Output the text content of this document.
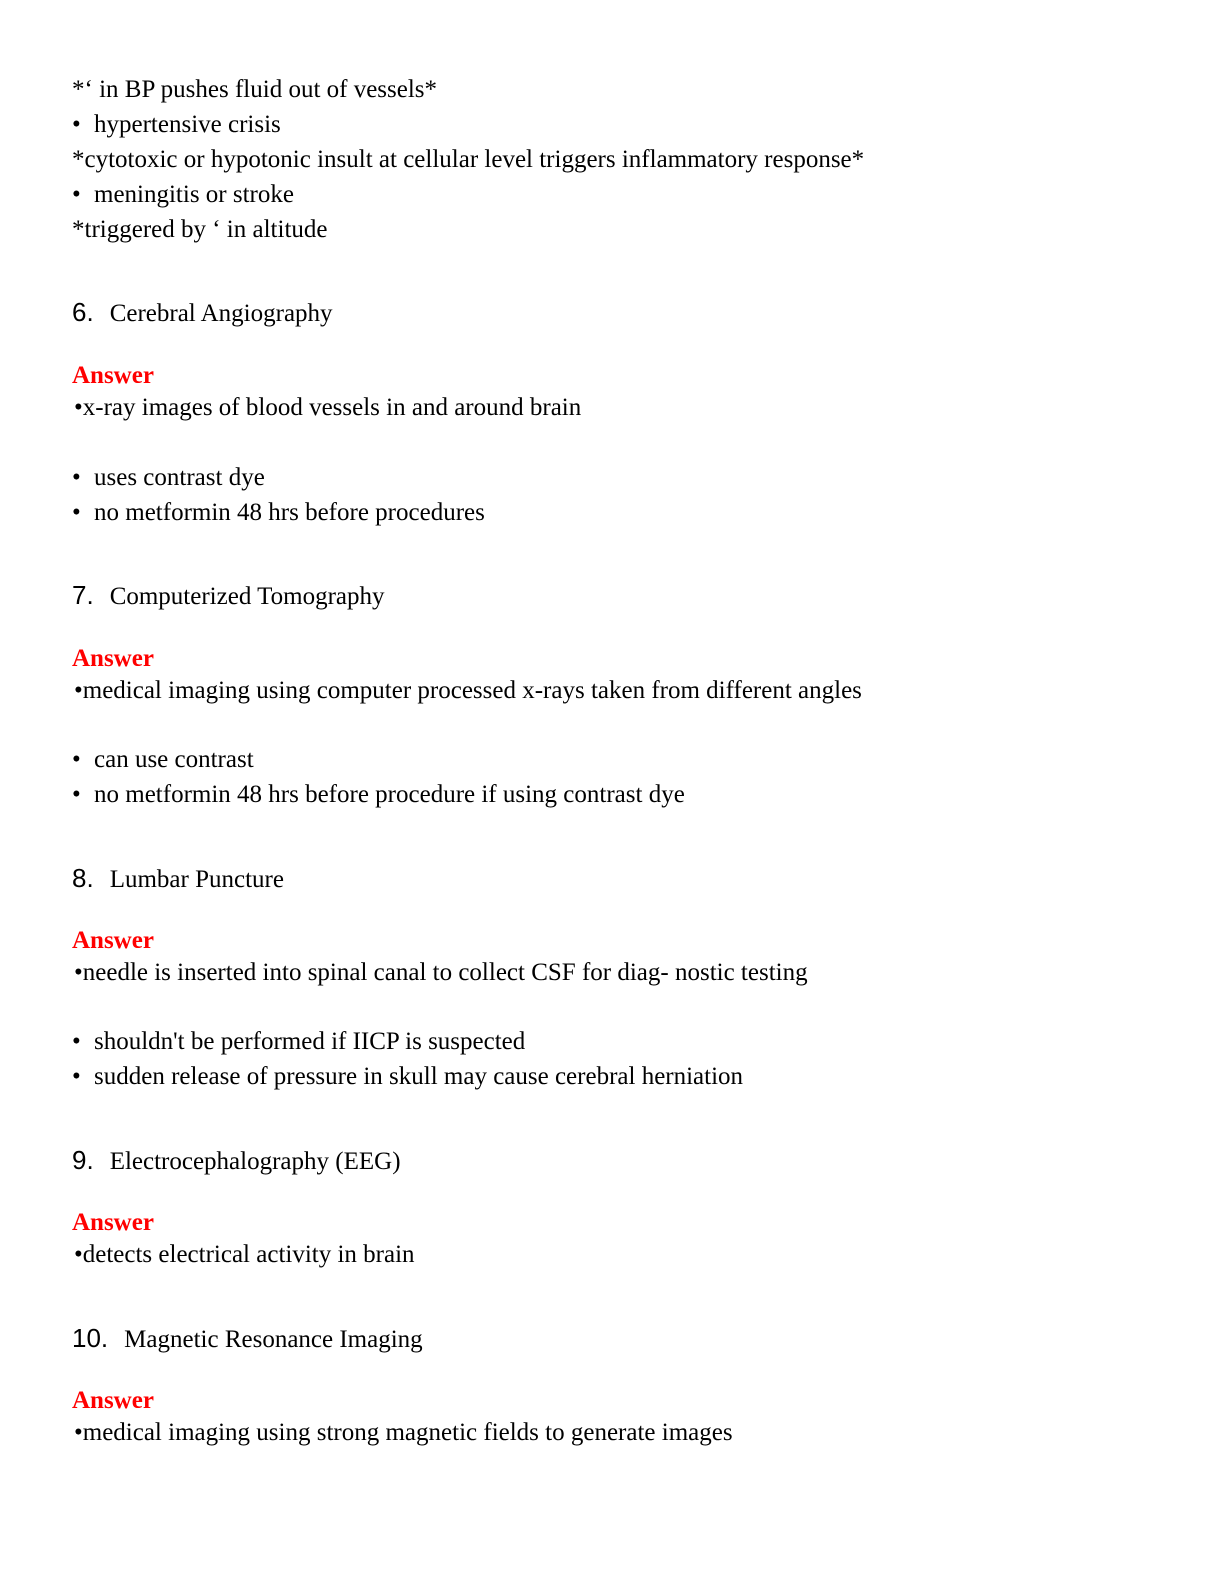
*‘ in BP pushes fluid out of vessels*
• hypertensive crisis
*cytotoxic or hypotonic insult at cellular level triggers inflammatory response*
• meningitis or stroke
*triggered by ‘ in altitude
6. Cerebral Angiography
Answer
•x-ray images of blood vessels in and around brain
• uses contrast dye
• no metformin 48 hrs before procedures
7. Computerized Tomography
Answer
•medical imaging using computer processed x-rays taken from different angles
• can use contrast
• no metformin 48 hrs before procedure if using contrast dye
8. Lumbar Puncture
Answer
•needle is inserted into spinal canal to collect CSF for diag- nostic testing
• shouldn't be performed if IICP is suspected
• sudden release of pressure in skull may cause cerebral herniation
9. Electrocephalography (EEG)
Answer
•detects electrical activity in brain
10. Magnetic Resonance Imaging
Answer
•medical imaging using strong magnetic fields to generate images
